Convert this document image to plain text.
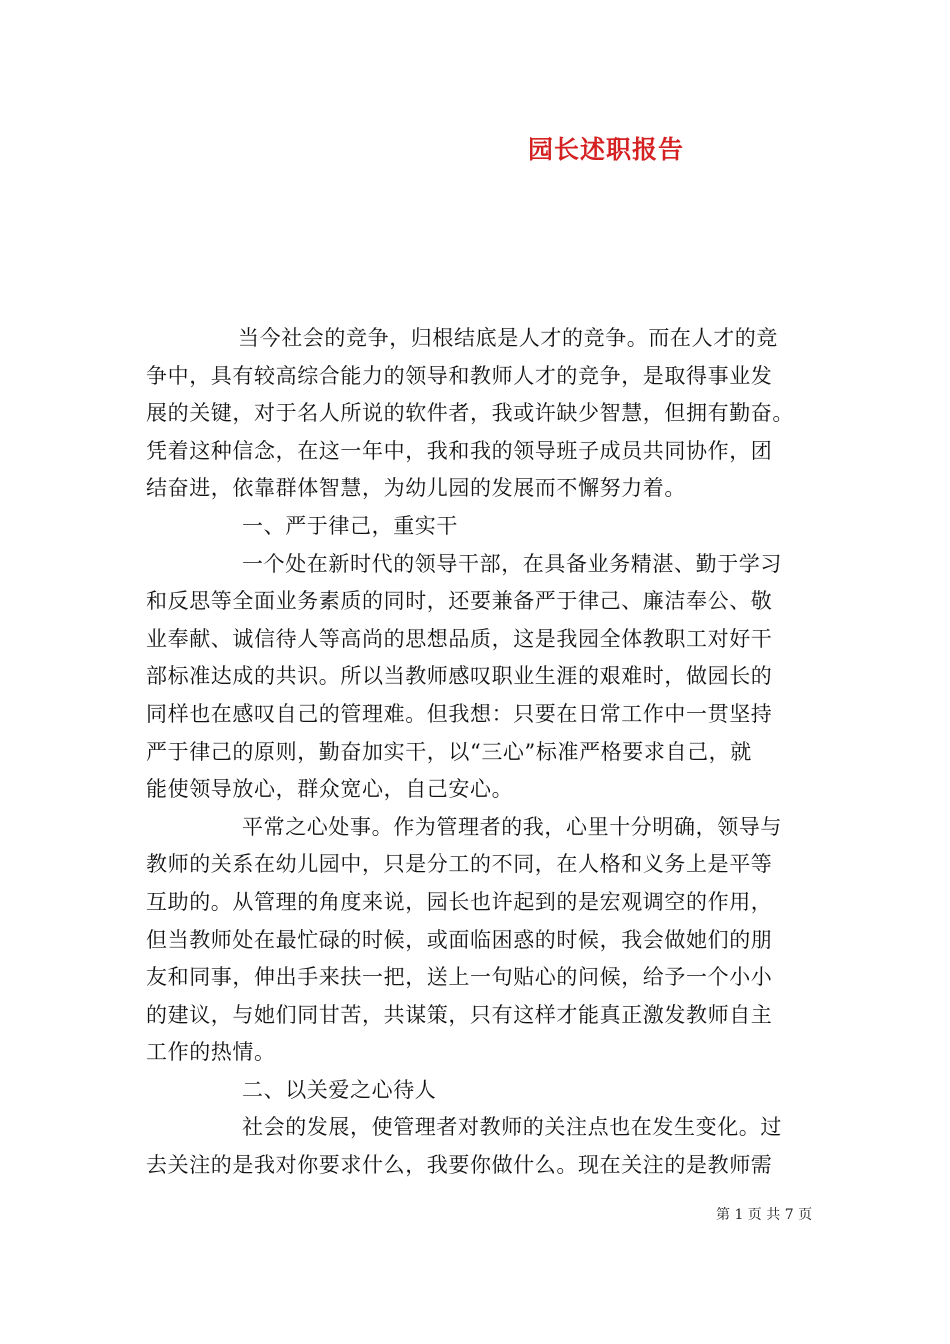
园长述职报告
当今社会的竞争，归根结底是人才的竞争。而在人才的竞
争中，具有较高综合能力的领导和教师人才的竞争，是取得事业发
展的关键，对于名人所说的软件者，我或许缺少智慧，但拥有勤奋。
凭着这种信念，在这一年中，我和我的领导班子成员共同协作，团
结奋进，依靠群体智慧，为幼儿园的发展而不懈努力着。
一、严于律己，重实干
一个处在新时代的领导干部，在具备业务精湛、勤于学习
和反思等全面业务素质的同时，还要兼备严于律己、廉洁奉公、敬
业奉献、诚信待人等高尚的思想品质，这是我园全体教职工对好干
部标准达成的共识。所以当教师感叹职业生涯的艰难时，做园长的
同样也在感叹自己的管理难。但我想：只要在日常工作中一贯坚持
严于律己的原则，勤奋加实干，以“三心”标准严格要求自己，就
能使领导放心，群众宽心，自己安心。
平常之心处事。作为管理者的我，心里十分明确，领导与
教师的关系在幼儿园中，只是分工的不同，在人格和义务上是平等
互助的。从管理的角度来说，园长也许起到的是宏观调空的作用，
但当教师处在最忙碌的时候，或面临困惑的时候，我会做她们的朋
友和同事，伸出手来扶一把，送上一句贴心的问候，给予一个小小
的建议，与她们同甘苦，共谋策，只有这样才能真正激发教师自主
工作的热情。
二、以关爱之心待人
社会的发展，使管理者对教师的关注点也在发生变化。过
去关注的是我对你要求什么，我要你做什么。现在关注的是教师需
第 1 页 共 7 页
